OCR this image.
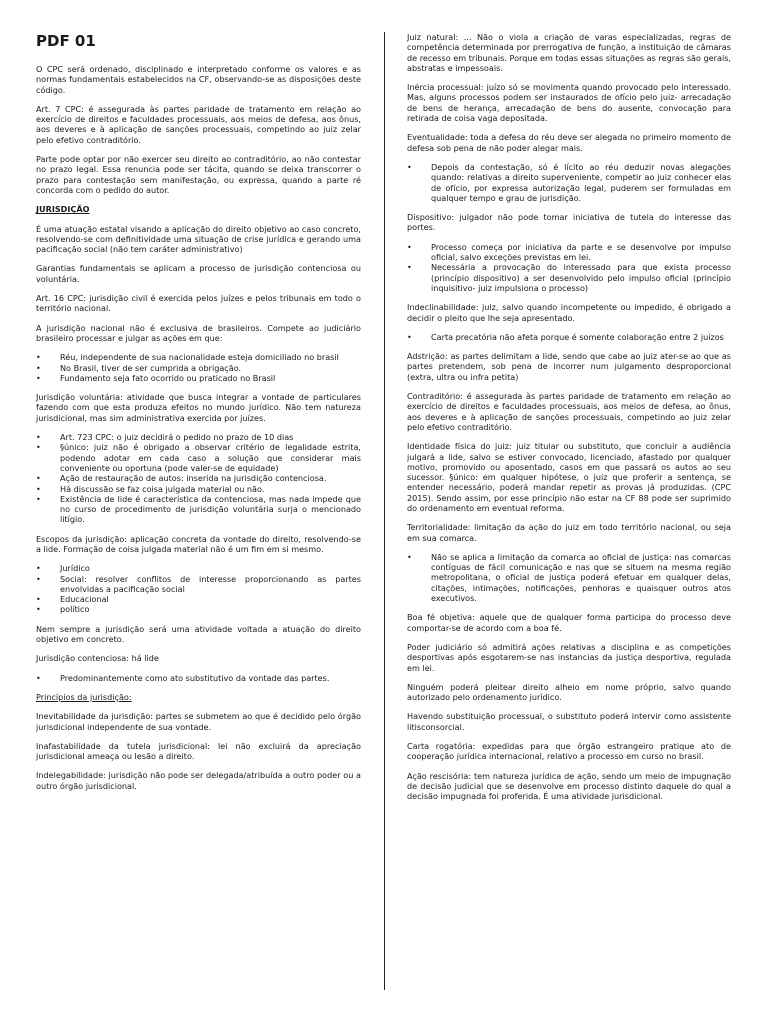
PDF 01

O CPC será ordenado, disciplinado e interpretado conforme os valores e as normas fundamentais estabelecidos na CF, observando-se as disposições deste código.

Art. 7 CPC: é assegurada às partes paridade de tratamento em relação ao exercício de direitos e faculdades processuais, aos meios de defesa, aos ônus, aos deveres e à aplicação de sanções processuais, competindo ao juiz zelar pelo efetivo contraditório.

Parte pode optar por não exercer seu direito ao contraditório, ao não contestar no prazo legal. Essa renuncia pode ser tácita, quando se deixa transcorrer o prazo para contestação sem manifestação, ou expressa, quando a parte ré concorda com o pedido do autor.

JURISDIÇÃO

É uma atuação estatal visando a aplicação do direito objetivo ao caso concreto, resolvendo-se com definitividade uma situação de crise jurídica e gerando uma pacificação social (não tem caráter administrativo)

Garantias fundamentais se aplicam a processo de jurisdição contenciosa ou voluntária.

Art. 16 CPC: jurisdição civil é exercida pelos juízes e pelos tribunais em todo o território nacional.

A jurisdição nacional não é exclusiva de brasileiros. Compete ao judiciário brasileiro processar e julgar as ações em que:

• Réu, independente de sua nacionalidade esteja domiciliado no brasil
• No Brasil, tiver de ser cumprida a obrigação.
• Fundamento seja fato ocorrido ou praticado no Brasil

Jurisdição voluntária: atividade que busca integrar a vontade de particulares fazendo com que esta produza efeitos no mundo jurídico. Não tem natureza jurisdicional, mas sim administrativa exercida por juízes.

• Art. 723 CPC: o juiz decidirá o pedido no prazo de 10 dias
• §único: juiz não é obrigado a observar critério de legalidade estrita, podendo adotar em cada caso a solução que considerar mais conveniente ou oportuna (pode valer-se de equidade)
• Ação de restauração de autos: inserida na jurisdição contenciosa.
• Há discussão se faz coisa julgada material ou não.
• Existência de lide é característica da contenciosa, mas nada impede que no curso de procedimento de jurisdição voluntária surja o mencionado litígio.

Escopos da jurisdição: aplicação concreta da vontade do direito, resolvendo-se a lide. Formação de coisa julgada material não é um fim em si mesmo.

• Jurídico
• Social: resolver conflitos de interesse proporcionando as partes envolvidas a pacificação social
• Educacional
• político

Nem sempre a jurisdição será uma atividade voltada a atuação do direito objetivo em concreto.

Jurisdição contenciosa: há lide

• Predominantemente como ato substitutivo da vontade das partes.
Princípios da jurisdição:

Inevitabilidade da jurisdição: partes se submetem ao que é decidido pelo órgão jurisdicional independente de sua vontade.

Inafastabilidade da tutela jurisdicional: lei não excluirá da apreciação jurisdicional ameaça ou lesão a direito.

Indelegabilidade: jurisdição não pode ser delegada/atribuída a outro poder ou a outro órgão jurisdicional.

Juiz natural: ... Não o viola a criação de varas especializadas, regras de competência determinada por prerrogativa de função, a instituição de câmaras de recesso em tribunais. Porque em todas essas situações as regras são gerais, abstratas e impessoais.

Inércia processual: juízo só se movimenta quando provocado pelo interessado. Mas, alguns processos podem ser instaurados de ofício pelo juiz- arrecadação de bens de herança, arrecadação de bens do ausente, convocação para retirada de coisa vaga depositada.

Eventualidade: toda a defesa do réu deve ser alegada no primeiro momento de defesa sob pena de não poder alegar mais.

• Depois da contestação, só é lícito ao réu deduzir novas alegações quando: relativas a direito superveniente, competir ao juiz conhecer elas de ofício, por expressa autorização legal, puderem ser formuladas em qualquer tempo e grau de jurisdição.

Dispositivo: julgador não pode tomar iniciativa de tutela do interesse das portes.

• Processo começa por iniciativa da parte e se desenvolve por impulso oficial, salvo exceções previstas em lei.
• Necessária a provocação do interessado para que exista processo (princípio dispositivo) a ser desenvolvido pelo impulso oficial (princípio inquisitivo- juiz impulsiona o processo)

Indeclinabilidade: juiz, salvo quando incompetente ou impedido, é obrigado a decidir o pleito que lhe seja apresentado.

• Carta precatória não afeta porque é somente colaboração entre 2 juízos

Adstrição: as partes delimitam a lide, sendo que cabe ao juiz ater-se ao que as partes pretendem, sob pena de incorrer num julgamento desproporcional (extra, ultra ou infra petita)

Contraditório: é assegurada às partes paridade de tratamento em relação ao exercício de direitos e faculdades processuais, aos meios de defesa, ao ônus, aos deveres e à aplicação de sanções processuais, competindo ao juiz zelar pelo efetivo contraditório.

Identidade física do juiz: juiz titular ou substituto, que concluir a audiência julgará a lide, salvo se estiver convocado, licenciado, afastado por qualquer motivo, promovido ou aposentado, casos em que passará os autos ao seu sucessor. §único: em qualquer hipótese, o juiz que proferir a sentença, se entender necessário, poderá mandar repetir as provas já produzidas. (CPC 2015). Sendo assim, por esse princípio não estar na CF 88 pode ser suprimido do ordenamento em eventual reforma.

Territorialidade: limitação da ação do juiz em todo território nacional, ou seja em sua comarca.

• Não se aplica a limitação da comarca ao oficial de justiça: nas comarcas contíguas de fácil comunicação e nas que se situem na mesma região metropolitana, o oficial de justiça poderá efetuar em qualquer delas, citações, intimações, notificações, penhoras e quaisquer outros atos executivos.

Boa fé objetiva: aquele que de qualquer forma participa do processo deve comportar-se de acordo com a boa fé.

Poder judiciário só admitirá ações relativas a disciplina e as competições desportivas após esgotarem-se nas instancias da justiça desportiva, regulada em lei.

Ninguém poderá pleitear direito alheio em nome próprio, salvo quando autorizado pelo ordenamento jurídico.

Havendo substituição processual, o substituto poderá intervir como assistente litisconsorcial.

Carta rogatória: expedidas para que órgão estrangeiro pratique ato de cooperação jurídica internacional, relativo a processo em curso no brasil.

Ação rescisória: tem natureza jurídica de ação, sendo um meio de impugnação de decisão judicial que se desenvolve em processo distinto daquele do qual a decisão impugnada foi proferida. É uma atividade jurisdicional.
